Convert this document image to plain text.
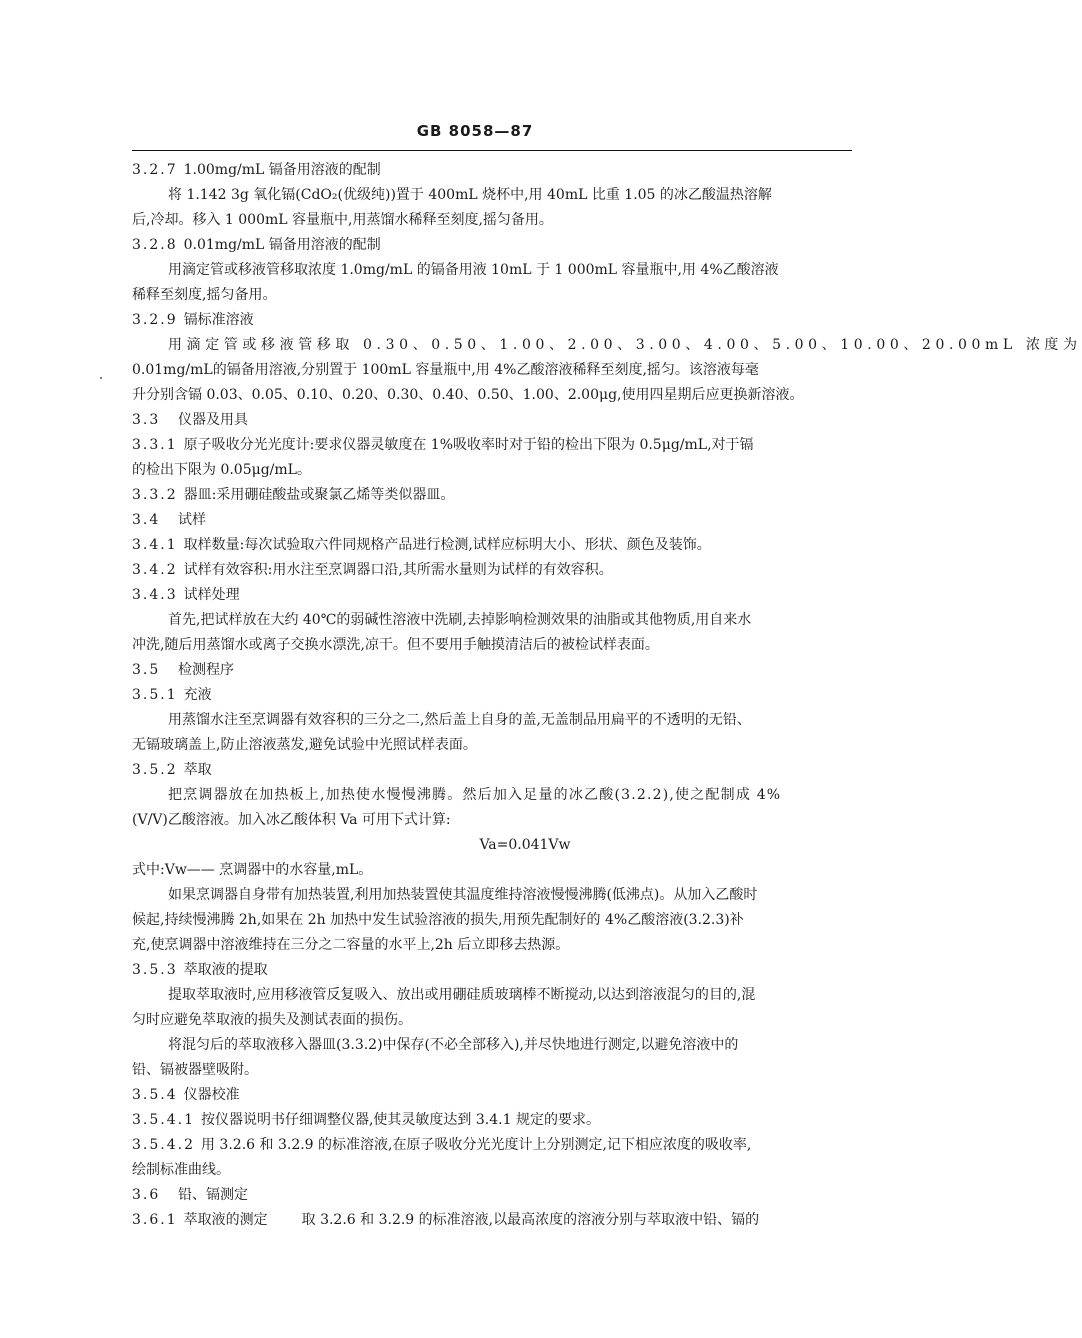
GB 8058—87
3.2.7 1.00mg/mL 镉备用溶液的配制
将 1.142 3g 氧化镉(CdO₂(优级纯))置于 400mL 烧杯中,用 40mL 比重 1.05 的冰乙酸温热溶解
后,冷却。移入 1 000mL 容量瓶中,用蒸馏水稀释至刻度,摇匀备用。
3.2.8 0.01mg/mL 镉备用溶液的配制
用滴定管或移液管移取浓度 1.0mg/mL 的镉备用液 10mL 于 1 000mL 容量瓶中,用 4%乙酸溶液
稀释至刻度,摇匀备用。
3.2.9 镉标准溶液
用滴定管或移液管移取 0.30、0.50、1.00、2.00、3.00、4.00、5.00、10.00、20.00mL 浓度为
0.01mg/mL的镉备用溶液,分别置于 100mL 容量瓶中,用 4%乙酸溶液稀释至刻度,摇匀。该溶液每毫
升分别含镉 0.03、0.05、0.10、0.20、0.30、0.40、0.50、1.00、2.00μg,使用四星期后应更换新溶液。
3.3 仪器及用具
3.3.1 原子吸收分光光度计:要求仪器灵敏度在 1%吸收率时对于铅的检出下限为 0.5μg/mL,对于镉
的检出下限为 0.05μg/mL。
3.3.2 器皿:采用硼硅酸盐或聚氯乙烯等类似器皿。
3.4 试样
3.4.1 取样数量:每次试验取六件同规格产品进行检测,试样应标明大小、形状、颜色及装饰。
3.4.2 试样有效容积:用水注至烹调器口沿,其所需水量则为试样的有效容积。
3.4.3 试样处理
首先,把试样放在大约 40℃的弱碱性溶液中洗刷,去掉影响检测效果的油脂或其他物质,用自来水
冲洗,随后用蒸馏水或离子交换水漂洗,凉干。但不要用手触摸清洁后的被检试样表面。
3.5 检测程序
3.5.1 充液
用蒸馏水注至烹调器有效容积的三分之二,然后盖上自身的盖,无盖制品用扁平的不透明的无铅、
无镉玻璃盖上,防止溶液蒸发,避免试验中光照试样表面。
3.5.2 萃取
把烹调器放在加热板上,加热使水慢慢沸腾。然后加入足量的冰乙酸(3.2.2),使之配制成 4%
(V/V)乙酸溶液。加入冰乙酸体积 Va 可用下式计算:
Va=0.041Vw
式中:Vw—— 烹调器中的水容量,mL。
如果烹调器自身带有加热装置,利用加热装置使其温度维持溶液慢慢沸腾(低沸点)。从加入乙酸时
候起,持续慢沸腾 2h,如果在 2h 加热中发生试验溶液的损失,用预先配制好的 4%乙酸溶液(3.2.3)补
充,使烹调器中溶液维持在三分之二容量的水平上,2h 后立即移去热源。
3.5.3 萃取液的提取
提取萃取液时,应用移液管反复吸入、放出或用硼硅质玻璃棒不断搅动,以达到溶液混匀的目的,混
匀时应避免萃取液的损失及测试表面的损伤。
将混匀后的萃取液移入器皿(3.3.2)中保存(不必全部移入),并尽快地进行测定,以避免溶液中的
铅、镉被器壁吸附。
3.5.4 仪器校准
3.5.4.1 按仪器说明书仔细调整仪器,使其灵敏度达到 3.4.1 规定的要求。
3.5.4.2 用 3.2.6 和 3.2.9 的标准溶液,在原子吸收分光光度计上分别测定,记下相应浓度的吸收率,
绘制标准曲线。
3.6 铅、镉测定
3.6.1 萃取液的测定 取 3.2.6 和 3.2.9 的标准溶液,以最高浓度的溶液分别与萃取液中铅、镉的
